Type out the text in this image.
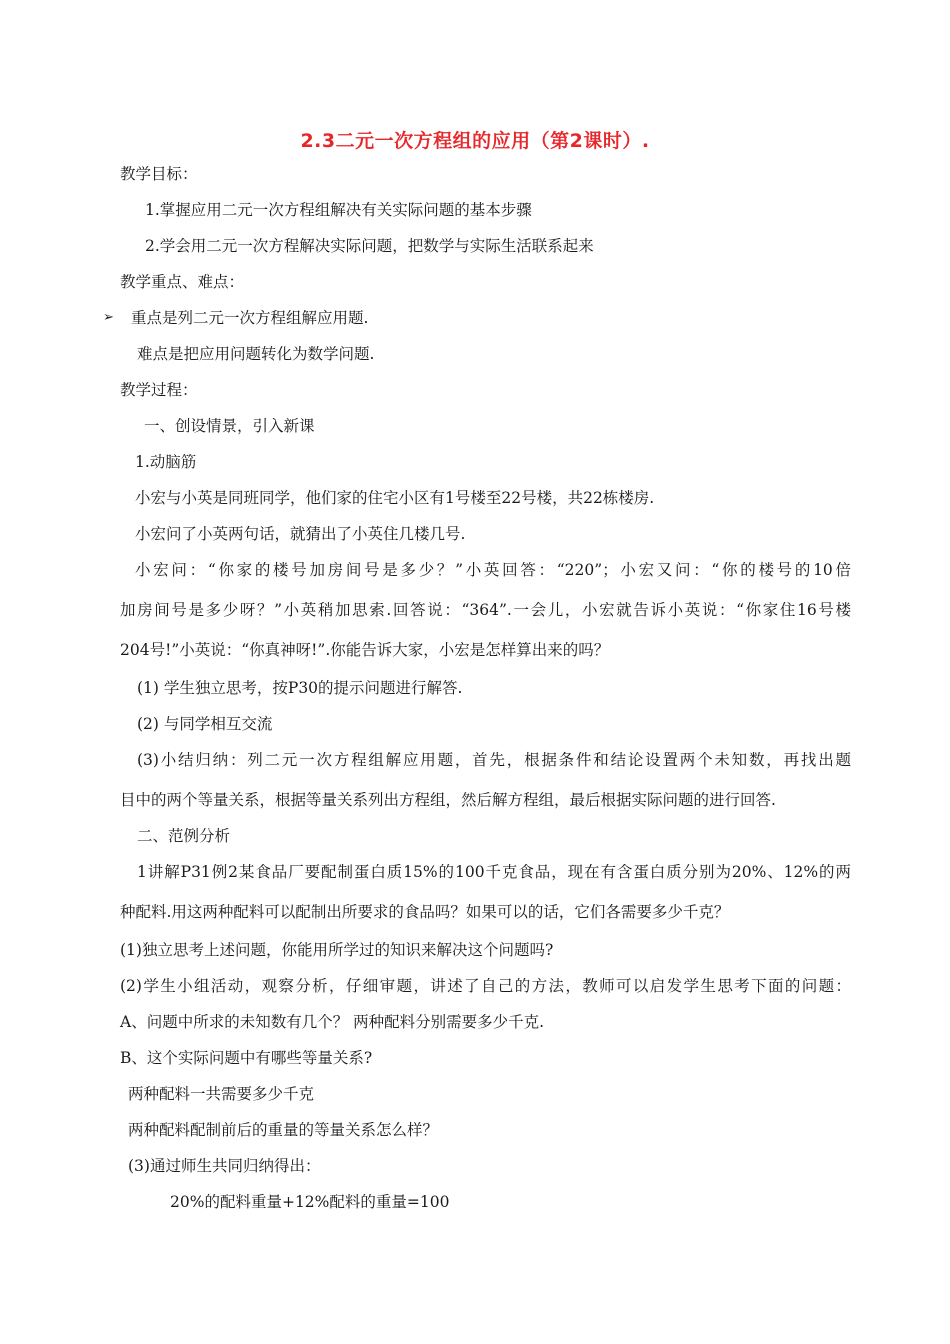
2.3二元一次方程组的应用（第2课时）.
教学目标：
1.掌握应用二元一次方程组解决有关实际问题的基本步骤
2.学会用二元一次方程解决实际问题，把数学与实际生活联系起来
教学重点、难点：
➢ 重点是列二元一次方程组解应用题.
难点是把应用问题转化为数学问题.
教学过程：
一、创设情景，引入新课
1.动脑筋
小宏与小英是同班同学，他们家的住宅小区有1号楼至22号楼，共22栋楼房.
小宏问了小英两句话，就猜出了小英住几楼几号.
小宏问：“你家的楼号加房间号是多少？”小英回答：“220”；小宏又问：“你的楼号的10倍
加房间号是多少呀？”小英稍加思索.回答说：“364”.一会儿，小宏就告诉小英说：“你家住16号楼
204号!”小英说：“你真神呀!”.你能告诉大家，小宏是怎样算出来的吗？
(1) 学生独立思考，按P30的提示问题进行解答.
(2) 与同学相互交流
(3)小结归纳：列二元一次方程组解应用题，首先，根据条件和结论设置两个未知数，再找出题
目中的两个等量关系，根据等量关系列出方程组，然后解方程组，最后根据实际问题的进行回答.
二、范例分析
1讲解P31例2某食品厂要配制蛋白质15%的100千克食品，现在有含蛋白质分别为20%、12%的两
种配料.用这两种配料可以配制出所要求的食品吗？如果可以的话，它们各需要多少千克？
(1)独立思考上述问题，你能用所学过的知识来解决这个问题吗?
(2)学生小组活动，观察分析，仔细审题，讲述了自己的方法，教师可以启发学生思考下面的问题：
A、问题中所求的未知数有几个？ 两种配料分别需要多少千克.
B、这个实际问题中有哪些等量关系?
两种配料一共需要多少千克
两种配料配制前后的重量的等量关系怎么样？
(3)通过师生共同归纳得出：
20%的配料重量+12%配料的重量=100
